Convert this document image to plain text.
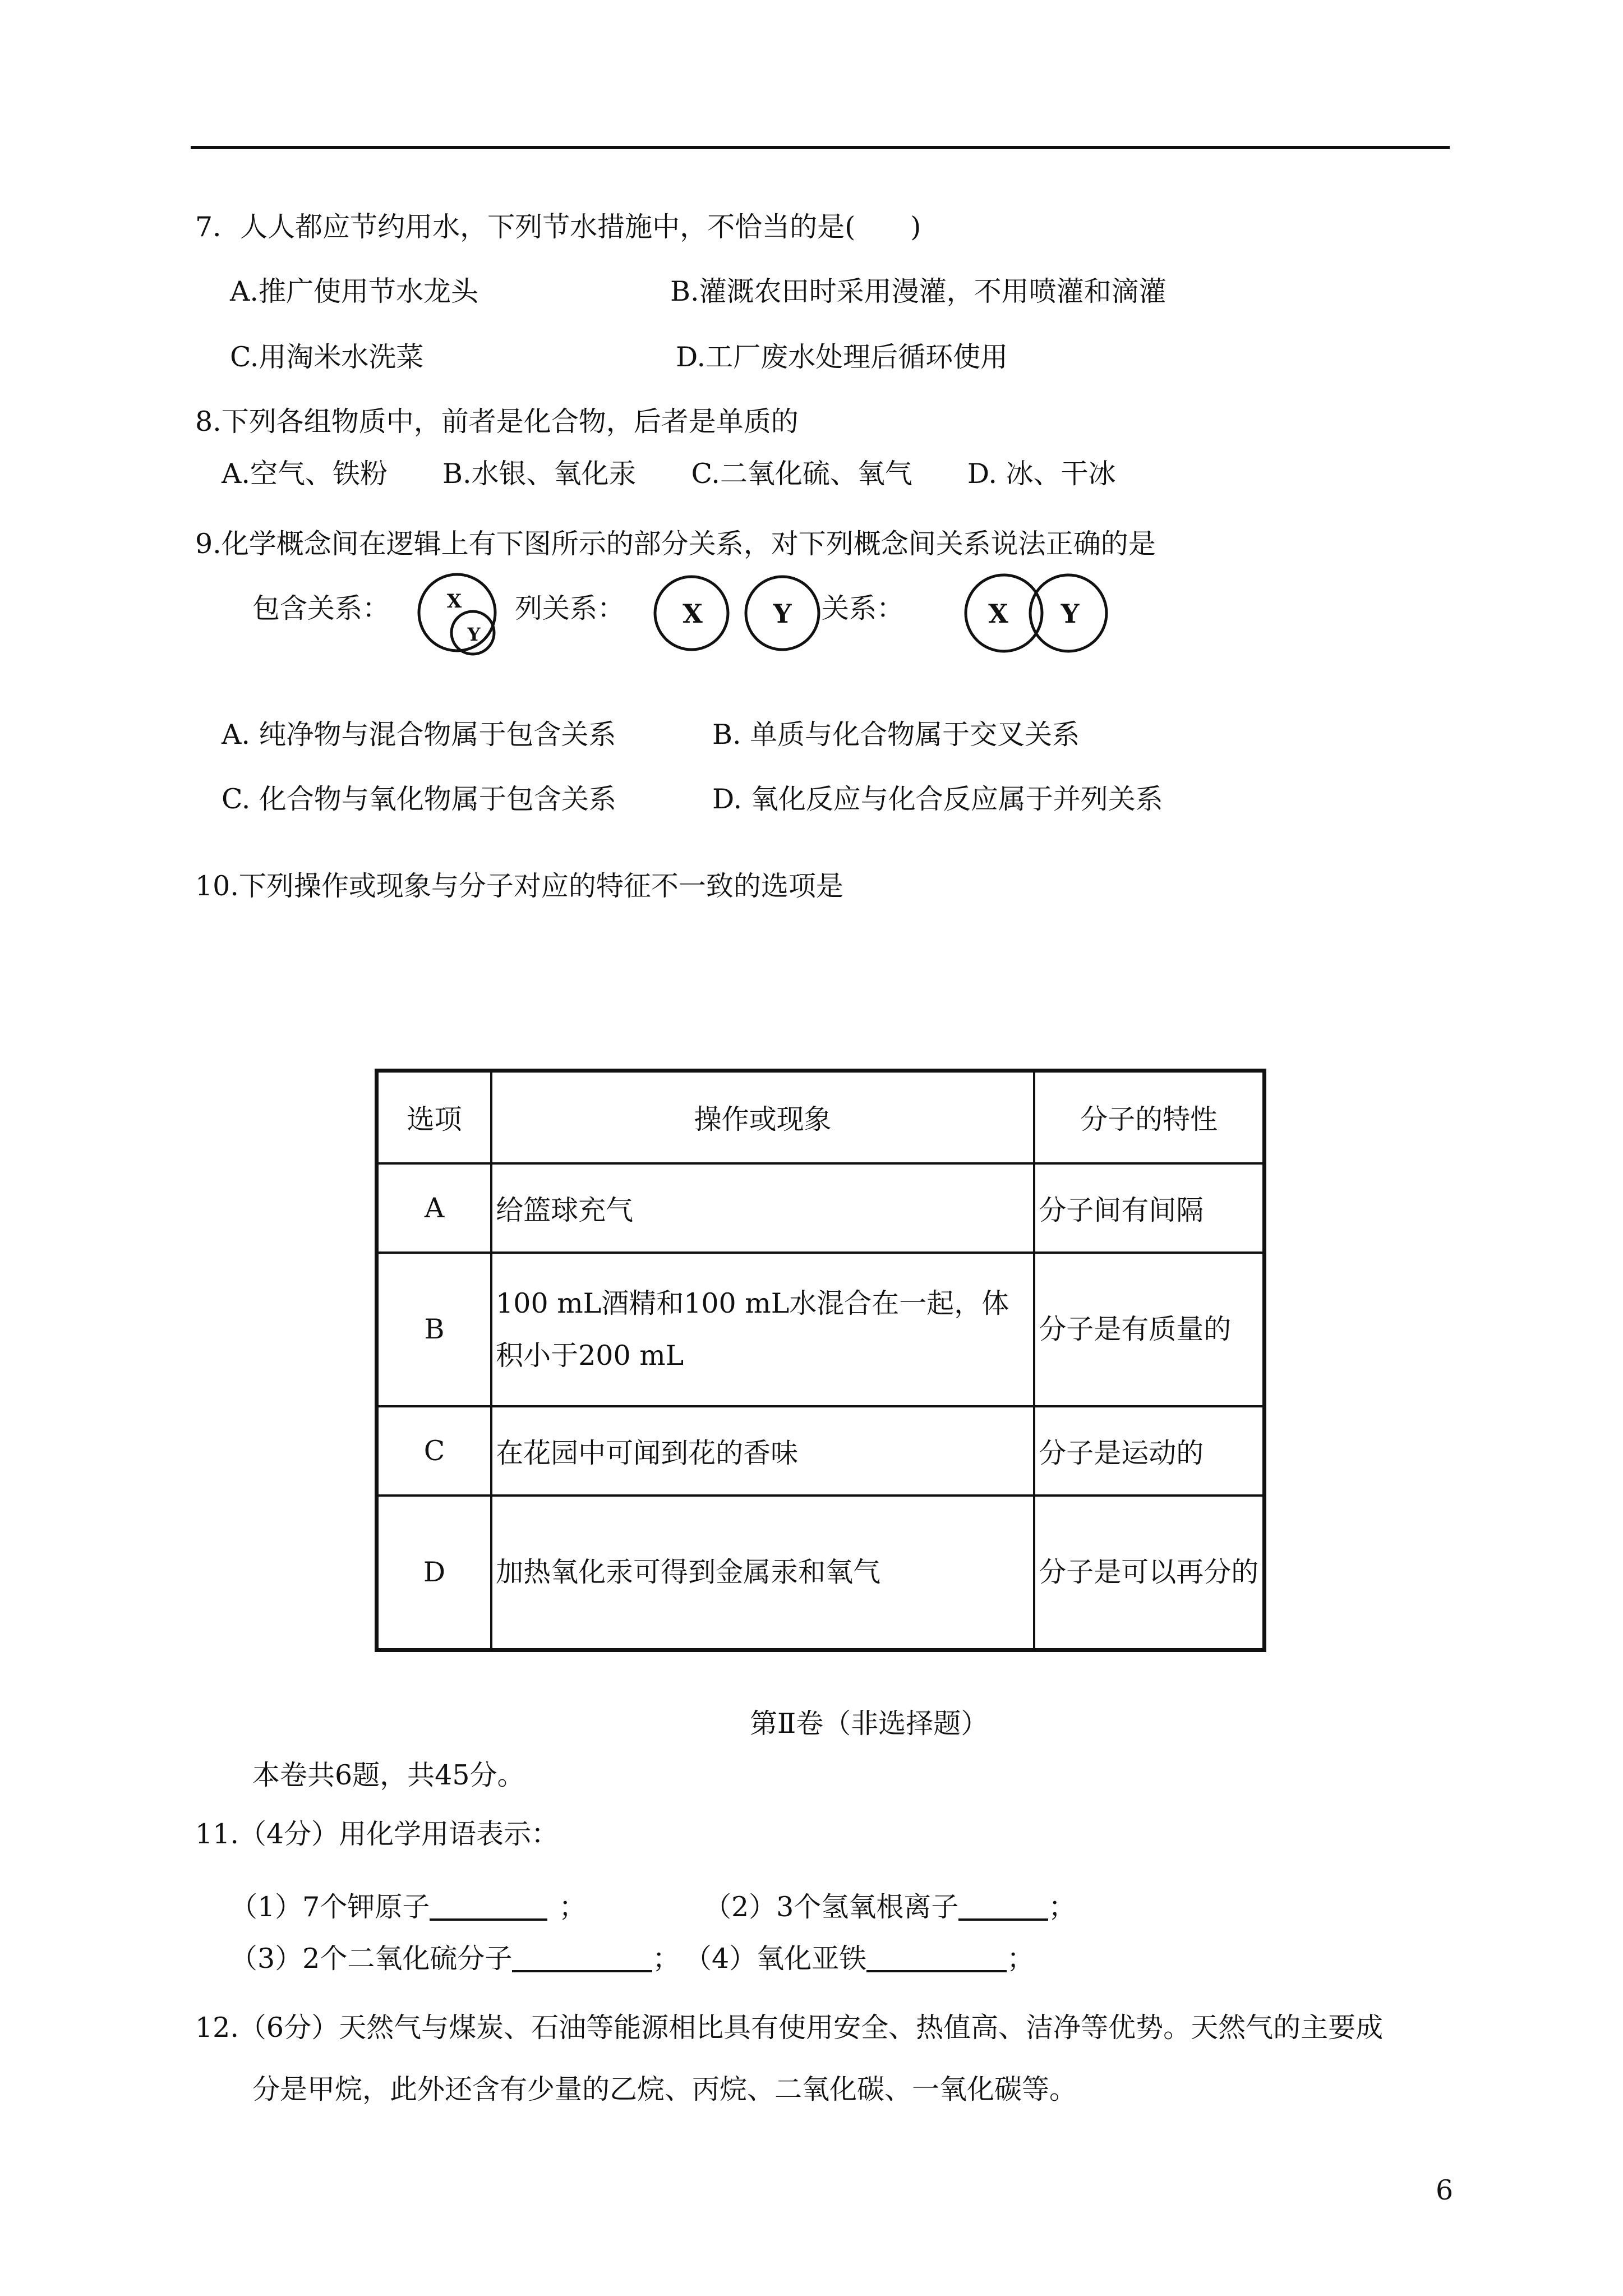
7．人人都应节约用水，下列节水措施中，不恰当的是(　　)
A.推广使用节水龙头	B.灌溉农田时采用漫灌，不用喷灌和滴灌
C.用淘米水洗菜	D.工厂废水处理后循环使用
8.下列各组物质中，前者是化合物，后者是单质的
A.空气、铁粉　　B.水银、氧化汞　　C.二氧化硫、氧气　　D. 冰、干冰
9.化学概念间在逻辑上有下图所示的部分关系，对下列概念间关系说法正确的是
包含关系：	列关系：	关系：
X
Y
X	Y	X Y
A. 纯净物与混合物属于包含关系	B. 单质与化合物属于交叉关系
C. 化合物与氧化物属于包含关系	D. 氧化反应与化合反应属于并列关系
10.下列操作或现象与分子对应的特征不一致的选项是
选项	操作或现象	分子的特性
A	给篮球充气	分子间有间隔
B	100 mL酒精和100 mL水混合在一起，体积小于200 mL	分子是有质量的
C	在花园中可闻到花的香味	分子是运动的
D	加热氧化汞可得到金属汞和氧气	分子是可以再分的
第Ⅱ卷（非选择题）
本卷共6题，共45分。
11.（4分）用化学用语表示：
（1）7个钾原子	；	（2）3个氢氧根离子	；
（3）2个二氧化硫分子	； （4）氧化亚铁	；
12.（6分）天然气与煤炭、石油等能源相比具有使用安全、热值高、洁净等优势。天然气的主要成
分是甲烷，此外还含有少量的乙烷、丙烷、二氧化碳、一氧化碳等。
6
